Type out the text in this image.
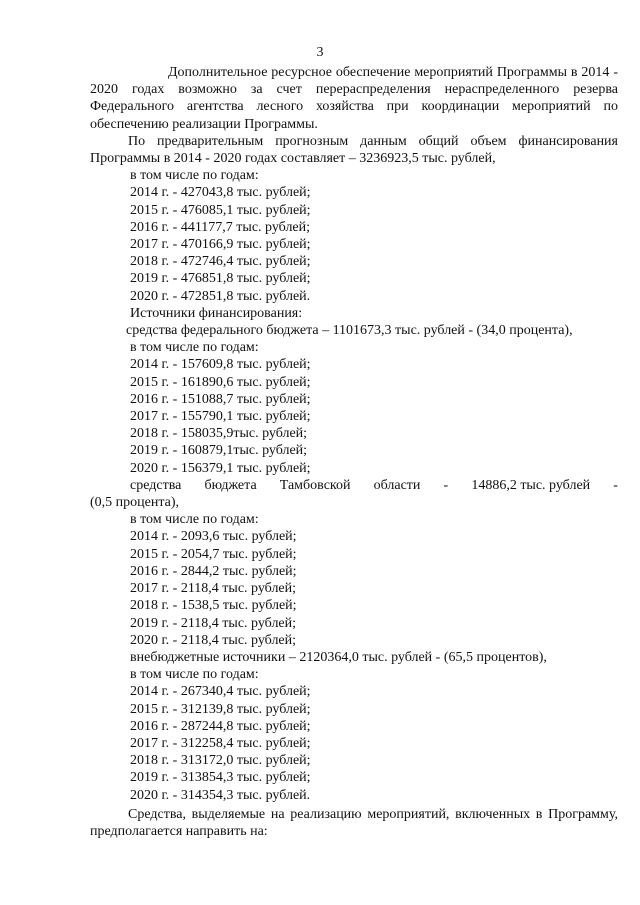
3

Дополнительное ресурсное обеспечение мероприятий Программы в 2014 - 2020 годах возможно за счет перераспределения нераспределенного резерва Федерального агентства лесного хозяйства при координации мероприятий по обеспечению реализации Программы.

По предварительным прогнозным данным общий объем финансирования Программы в 2014 - 2020 годах составляет – 3236923,5 тыс. рублей,

в том числе по годам:
2014 г. - 427043,8 тыс. рублей;
2015 г. - 476085,1 тыс. рублей;
2016 г. - 441177,7 тыс. рублей;
2017 г. - 470166,9 тыс. рублей;
2018 г. - 472746,4 тыс. рублей;
2019 г. - 476851,8 тыс. рублей;
2020 г. - 472851,8 тыс. рублей.
Источники финансирования:
средства федерального бюджета – 1101673,3 тыс. рублей - (34,0 процента),
в том числе по годам:
2014 г. - 157609,8 тыс. рублей;
2015 г. - 161890,6 тыс. рублей;
2016 г. - 151088,7 тыс. рублей;
2017 г. - 155790,1 тыс. рублей;
2018 г. - 158035,9тыс. рублей;
2019 г. - 160879,1тыс. рублей;
2020 г. - 156379,1 тыс. рублей;
средства бюджета Тамбовской области - 14886,2 тыс. рублей -
(0,5 процента),
в том числе по годам:
2014 г. - 2093,6 тыс. рублей;
2015 г. - 2054,7 тыс. рублей;
2016 г. - 2844,2 тыс. рублей;
2017 г. - 2118,4 тыс. рублей;
2018 г. - 1538,5 тыс. рублей;
2019 г. - 2118,4 тыс. рублей;
2020 г. - 2118,4 тыс. рублей;
внебюджетные источники – 2120364,0 тыс. рублей - (65,5 процентов),
в том числе по годам:
2014 г. - 267340,4 тыс. рублей;
2015 г. - 312139,8 тыс. рублей;
2016 г. - 287244,8 тыс. рублей;
2017 г. - 312258,4 тыс. рублей;
2018 г. - 313172,0 тыс. рублей;
2019 г. - 313854,3 тыс. рублей;
2020 г. - 314354,3 тыс. рублей.

Средства, выделяемые на реализацию мероприятий, включенных в Программу, предполагается направить на:
